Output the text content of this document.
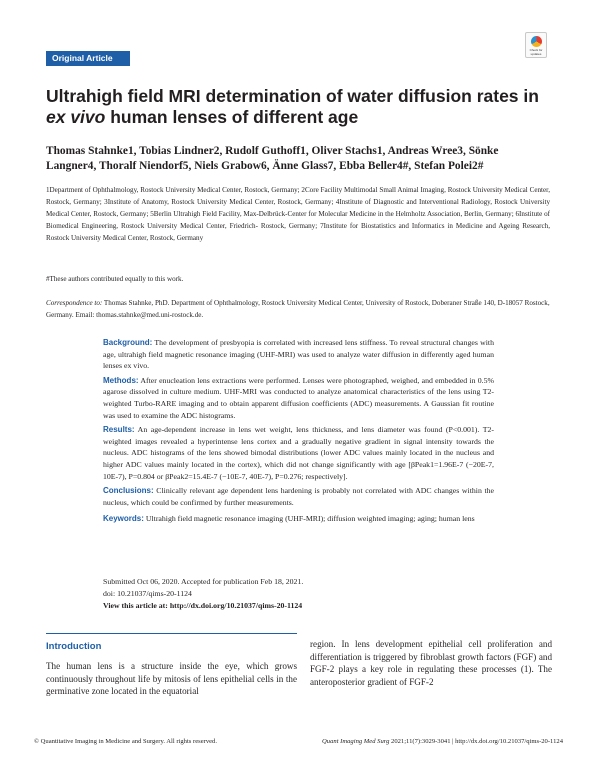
Original Article
Check for
updates
Ultrahigh field MRI determination of water diffusion rates in
ex vivo human lenses of different age
Thomas Stahnke1, Tobias Lindner2, Rudolf Guthoff1, Oliver Stachs1, Andreas Wree3, Sönke Langner4, Thoralf Niendorf5, Niels Grabow6, Änne Glass7, Ebba Beller4#, Stefan Polei2#
1Department of Ophthalmology, Rostock University Medical Center, Rostock, Germany; 2Core Facility Multimodal Small Animal Imaging, Rostock University Medical Center, Rostock, Germany; 3Institute of Anatomy, Rostock University Medical Center, Rostock, Germany; 4Institute of Diagnostic and Interventional Radiology, Rostock University Medical Center, Rostock, Germany; 5Berlin Ultrahigh Field Facility, Max-Delbrück-Center for Molecular Medicine in the Helmholtz Association, Berlin, Germany; 6Institute of Biomedical Engineering, Rostock University Medical Center, Friedrich- Rostock, Germany; 7Institute for Biostatistics and Informatics in Medicine and Ageing Research, Rostock University Medical Center, Rostock, Germany
#These authors contributed equally to this work.
Correspondence to: Thomas Stahnke, PhD. Department of Ophthalmology, Rostock University Medical Center, University of Rostock, Doberaner Straße 140, D-18057 Rostock, Germany. Email: thomas.stahnke@med.uni-rostock.de.

Background: The development of presbyopia is correlated with increased lens stiffness. To reveal structural changes with age, ultrahigh field magnetic resonance imaging (UHF-MRI) was used to analyze water diffusion in differently aged human lenses ex vivo.

Methods: After enucleation lens extractions were performed. Lenses were photographed, weighed, and embedded in 0.5% agarose dissolved in culture medium. UHF-MRI was conducted to analyze anatomical characteristics of the lens using T2-weighted Turbo-RARE imaging and to obtain apparent diffusion coefficients (ADC) measurements. A Gaussian fit routine was used to examine the ADC histograms.

Results: An age-dependent increase in lens wet weight, lens thickness, and lens diameter was found (P<0.001). T2-weighted images revealed a hyperintense lens cortex and a gradually negative gradient in signal intensity towards the nucleus. ADC histograms of the lens showed bimodal distributions (lower ADC values mainly located in the nucleus and higher ADC values mainly located in the cortex), which did not change significantly with age [βPeak1=1.96E-7 (−20E-7, 10E-7), P=0.804 or βPeak2=15.4E-7 (−10E-7, 40E-7), P=0.276; respectively].

Conclusions: Clinically relevant age dependent lens hardening is probably not correlated with ADC changes within the nucleus, which could be confirmed by further measurements.

Keywords: Ultrahigh field magnetic resonance imaging (UHF-MRI); diffusion weighted imaging; aging; human lens

Submitted Oct 06, 2020. Accepted for publication Feb 18, 2021.
doi: 10.21037/qims-20-1124
View this article at: http://dx.doi.org/10.21037/qims-20-1124
Introduction
The human lens is a structure inside the eye, which grows continuously throughout life by mitosis of lens epithelial cells in the germinative zone located in the equatorial
region. In lens development epithelial cell proliferation and differentiation is triggered by fibroblast growth factors (FGF) and FGF-2 plays a key role in regulating these processes (1). The anteroposterior gradient of FGF-2
© Quantitative Imaging in Medicine and Surgery. All rights reserved.	Quant Imaging Med Surg 2021;11(7):3029-3041 | http://dx.doi.org/10.21037/qims-20-1124
